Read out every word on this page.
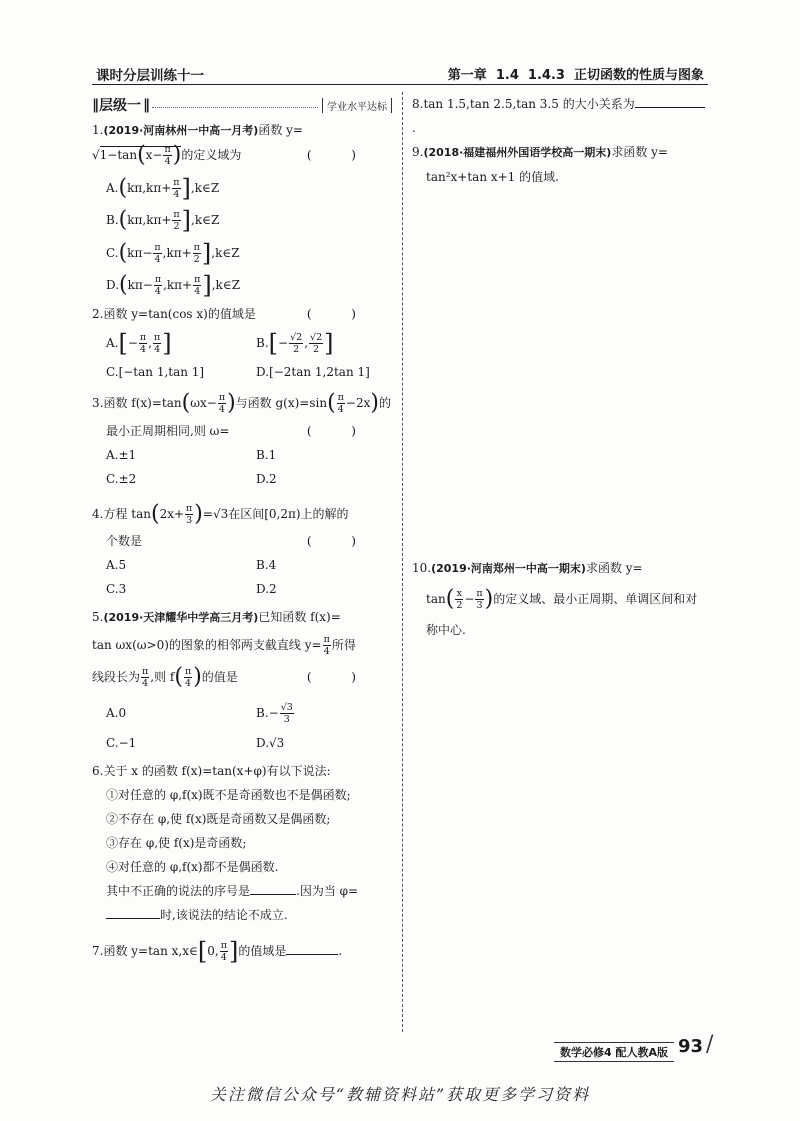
课时分层训练十一	第一章  1.4  1.4.3  正切函数的性质与图象
‖ 层级一 ‖	学业水平达标
1.(2019·河南林州一中高一月考)函数 y=
$√1-\tan(x- \frac{\pi}{4}$ )的定义域为	( )
$A.(k\pi,k\pi+ \frac{\pi}{4}$ ],k∈Z
$B.(k\pi,k\pi+ \frac{\pi}{2}$ ],k∈Z
$C.(k\pi- \frac{\pi}{4} ,k\pi+ \frac{\pi}{2}$ ],k∈Z
$D.(k\pi- \frac{\pi}{4} ,k\pi+ \frac{\pi}{4}$ ],k∈Z
2.函数 y=tan(cos x)的值域是	( )
$A.[- \frac{\pi}{4}$ , $\frac{\pi}{4}$ ]	$B.[- \frac{√2}{2}$ , $\frac{√2}{2}$ ]
C.[−tan 1,tan 1]	D.[−2tan 1,2tan 1]
3.函数 $f(x)=\tan(\omega x- \frac{\pi}{4}$ )与函数 $g(x)=\sin( \frac{\pi}{4} -2x)$的
最小正周期相同,则 ω=	( )
A.±1	B.1
C.±2	D.2
4.方程 $\tan(2x+ \frac{\pi}{3} )=√3$在区间[0,2π)上的解的
个数是	( )
A.5	B.4
C.3	D.2
5.(2019·天津耀华中学高三月考)已知函数 f(x)=
tan ωx(ω>0)的图象的相邻两支截直线 $y= \frac{\pi}{4}$ 所得
线段长为 $\frac{\pi}{4}$ ,则 $f( \frac{\pi}{4}$ )的值是	( )
A.0	$B.- \frac{√3}{3}$
C.−1	D.√3
6.关于 x 的函数 f(x)=tan(x+φ)有以下说法:
①对任意的 φ,f(x)既不是奇函数也不是偶函数;
②不存在 φ,使 f(x)既是奇函数又是偶函数;
③存在 φ,使 f(x)是奇函数;
④对任意的 φ,f(x)都不是偶函数.
其中不正确的说法的序号是	.因为当 φ=
时,该说法的结论不成立.
7.函数 y=tan x,x∈[0, $\frac{\pi}{4}$ ]的值域是	.
8.tan 1.5,tan 2.5,tan 3.5 的大小关系为.
9.(2018·福建福州外国语学校高一期末)求函数 y=
tan²x+tan x+1 的值域.
10.(2019·河南郑州一中高一期末)求函数 y=
$\tan( \frac{x}{2} - \frac{\pi}{3}$ )的定义域、最小正周期、单调区间和对
称中心.
数学必修4 配人教A版 93 /
关注微信公众号“教辅资料站”获取更多学习资料
